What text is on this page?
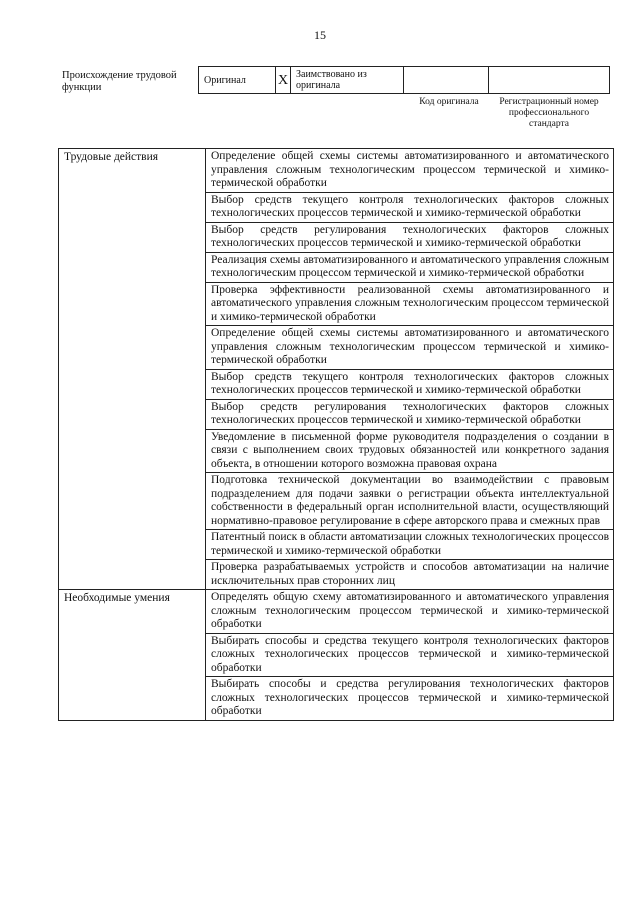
15
Происхождение трудовой функции
Оригинал	X	Заимствовано из оригинала		
Код оригинала	Регистрационный номер профессионального стандарта
Трудовые действия	Определение общей схемы системы автоматизированного и автоматического управления сложным технологическим процессом термической и химико-термической обработки
	Выбор средств текущего контроля технологических факторов сложных технологических процессов термической и химико-термической обработки
	Выбор средств регулирования технологических факторов сложных технологических процессов термической и химико-термической обработки
	Реализация схемы автоматизированного и автоматического управления сложным технологическим процессом термической и химико-термической обработки
	Проверка эффективности реализованной схемы автоматизированного и автоматического управления сложным технологическим процессом термической и химико-термической обработки
	Определение общей схемы системы автоматизированного и автоматического управления сложным технологическим процессом термической и химико-термической обработки
	Выбор средств текущего контроля технологических факторов сложных технологических процессов термической и химико-термической обработки
	Выбор средств регулирования технологических факторов сложных технологических процессов термической и химико-термической обработки
	Уведомление в письменной форме руководителя подразделения о создании в связи с выполнением своих трудовых обязанностей или конкретного задания объекта, в отношении которого возможна правовая охрана
	Подготовка технической документации во взаимодействии с правовым подразделением для подачи заявки о регистрации объекта интеллектуальной собственности в федеральный орган исполнительной власти, осуществляющий нормативно-правовое регулирование в сфере авторского права и смежных прав
	Патентный поиск в области автоматизации сложных технологических процессов термической и химико-термической обработки
	Проверка разрабатываемых устройств и способов автоматизации на наличие исключительных прав сторонних лиц
Необходимые умения	Определять общую схему автоматизированного и автоматического управления сложным технологическим процессом термической и химико-термической обработки
	Выбирать способы и средства текущего контроля технологических факторов сложных технологических процессов термической и химико-термической обработки
	Выбирать способы и средства регулирования технологических факторов сложных технологических процессов термической и химико-термической обработки
